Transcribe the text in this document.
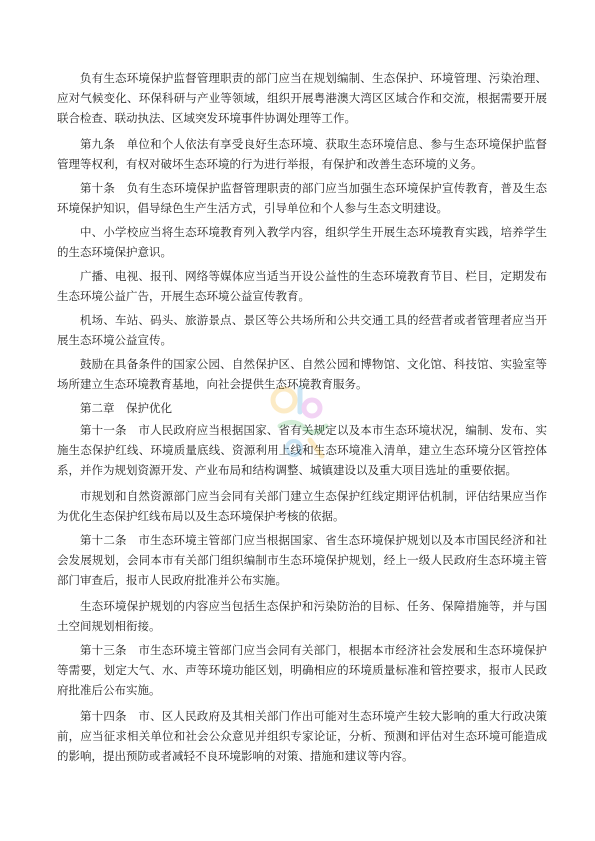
负有生态环境保护监督管理职责的部门应当在规划编制、生态保护、环境管理、污染治理、应对气候变化、环保科研与产业等领域，组织开展粤港澳大湾区区域合作和交流，根据需要开展联合检查、联动执法、区域突发环境事件协调处理等工作。

第九条　单位和个人依法有享受良好生态环境、获取生态环境信息、参与生态环境保护监督管理等权利，有权对破坏生态环境的行为进行举报，有保护和改善生态环境的义务。

第十条　负有生态环境保护监督管理职责的部门应当加强生态环境保护宣传教育，普及生态环境保护知识，倡导绿色生产生活方式，引导单位和个人参与生态文明建设。

中、小学校应当将生态环境教育列入教学内容，组织学生开展生态环境教育实践，培养学生的生态环境保护意识。

广播、电视、报刊、网络等媒体应当适当开设公益性的生态环境教育节目、栏目，定期发布生态环境公益广告，开展生态环境公益宣传教育。

机场、车站、码头、旅游景点、景区等公共场所和公共交通工具的经营者或者管理者应当开展生态环境公益宣传。

鼓励在具备条件的国家公园、自然保护区、自然公园和博物馆、文化馆、科技馆、实验室等场所建立生态环境教育基地，向社会提供生态环境教育服务。

第二章　保护优化

第十一条　市人民政府应当根据国家、省有关规定以及本市生态环境状况，编制、发布、实施生态保护红线、环境质量底线、资源利用上线和生态环境准入清单，建立生态环境分区管控体系，并作为规划资源开发、产业布局和结构调整、城镇建设以及重大项目选址的重要依据。

市规划和自然资源部门应当会同有关部门建立生态保护红线定期评估机制，评估结果应当作为优化生态保护红线布局以及生态环境保护考核的依据。

第十二条　市生态环境主管部门应当根据国家、省生态环境保护规划以及本市国民经济和社会发展规划，会同本市有关部门组织编制市生态环境保护规划，经上一级人民政府生态环境主管部门审查后，报市人民政府批准并公布实施。

生态环境保护规划的内容应当包括生态保护和污染防治的目标、任务、保障措施等，并与国土空间规划相衔接。

第十三条　市生态环境主管部门应当会同有关部门，根据本市经济社会发展和生态环境保护等需要，划定大气、水、声等环境功能区划，明确相应的环境质量标准和管控要求，报市人民政府批准后公布实施。

第十四条　市、区人民政府及其相关部门作出可能对生态环境产生较大影响的重大行政决策前，应当征求相关单位和社会公众意见并组织专家论证，分析、预测和评估对生态环境可能造成的影响，提出预防或者减轻不良环境影响的对策、措施和建议等内容。
